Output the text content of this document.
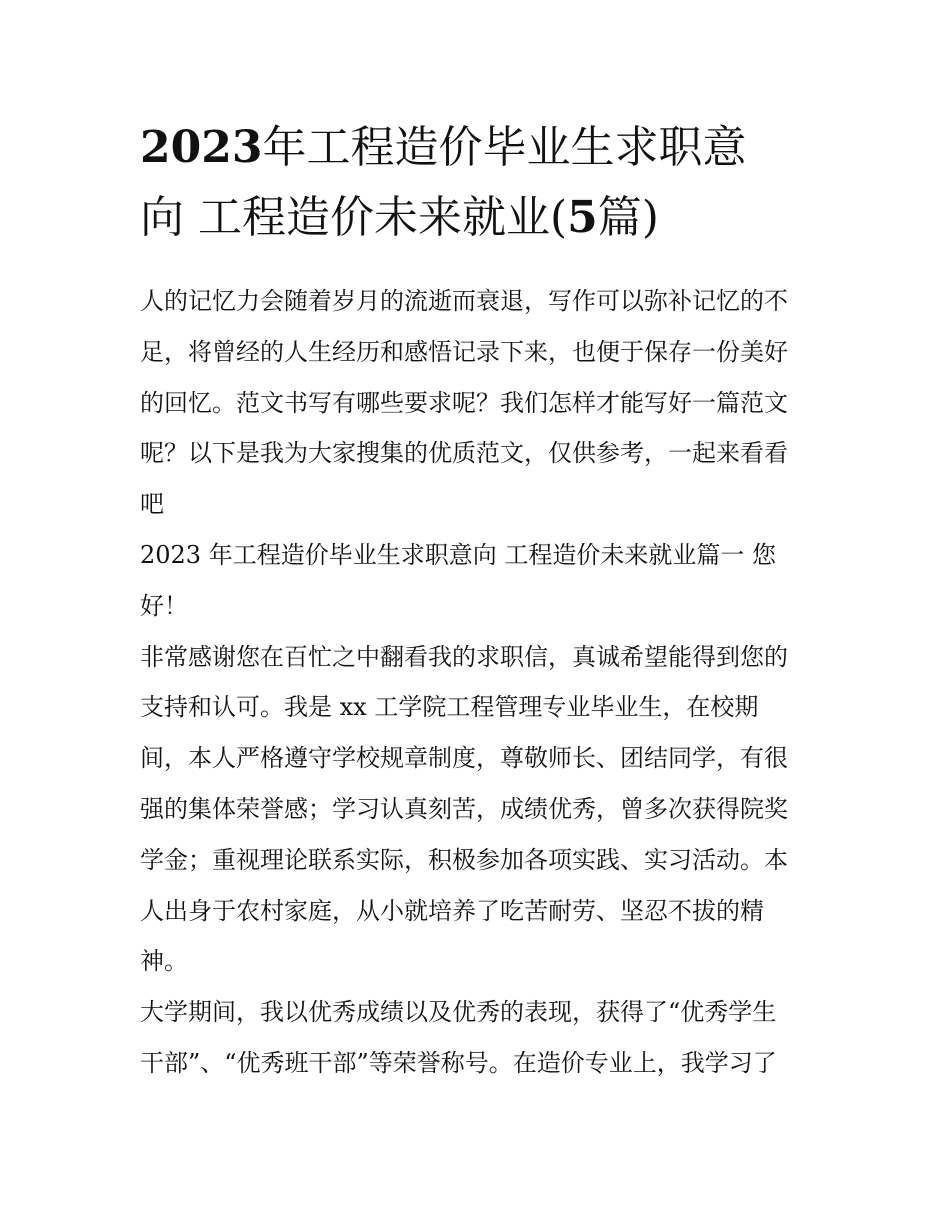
2023年工程造价毕业生求职意
向 工程造价未来就业(5篇)
人的记忆力会随着岁月的流逝而衰退，写作可以弥补记忆的不
足，将曾经的人生经历和感悟记录下来，也便于保存一份美好
的回忆。范文书写有哪些要求呢？我们怎样才能写好一篇范文
呢？以下是我为大家搜集的优质范文，仅供参考，一起来看看
吧
2023 年工程造价毕业生求职意向 工程造价未来就业篇一 您
好！
非常感谢您在百忙之中翻看我的求职信，真诚希望能得到您的
支持和认可。我是 xx 工学院工程管理专业毕业生，在校期
间，本人严格遵守学校规章制度，尊敬师长、团结同学，有很
强的集体荣誉感；学习认真刻苦，成绩优秀，曾多次获得院奖
学金；重视理论联系实际，积极参加各项实践、实习活动。本
人出身于农村家庭，从小就培养了吃苦耐劳、坚忍不拔的精
神。
大学期间，我以优秀成绩以及优秀的表现，获得了“优秀学生
干部”、“优秀班干部”等荣誉称号。在造价专业上，我学习了
